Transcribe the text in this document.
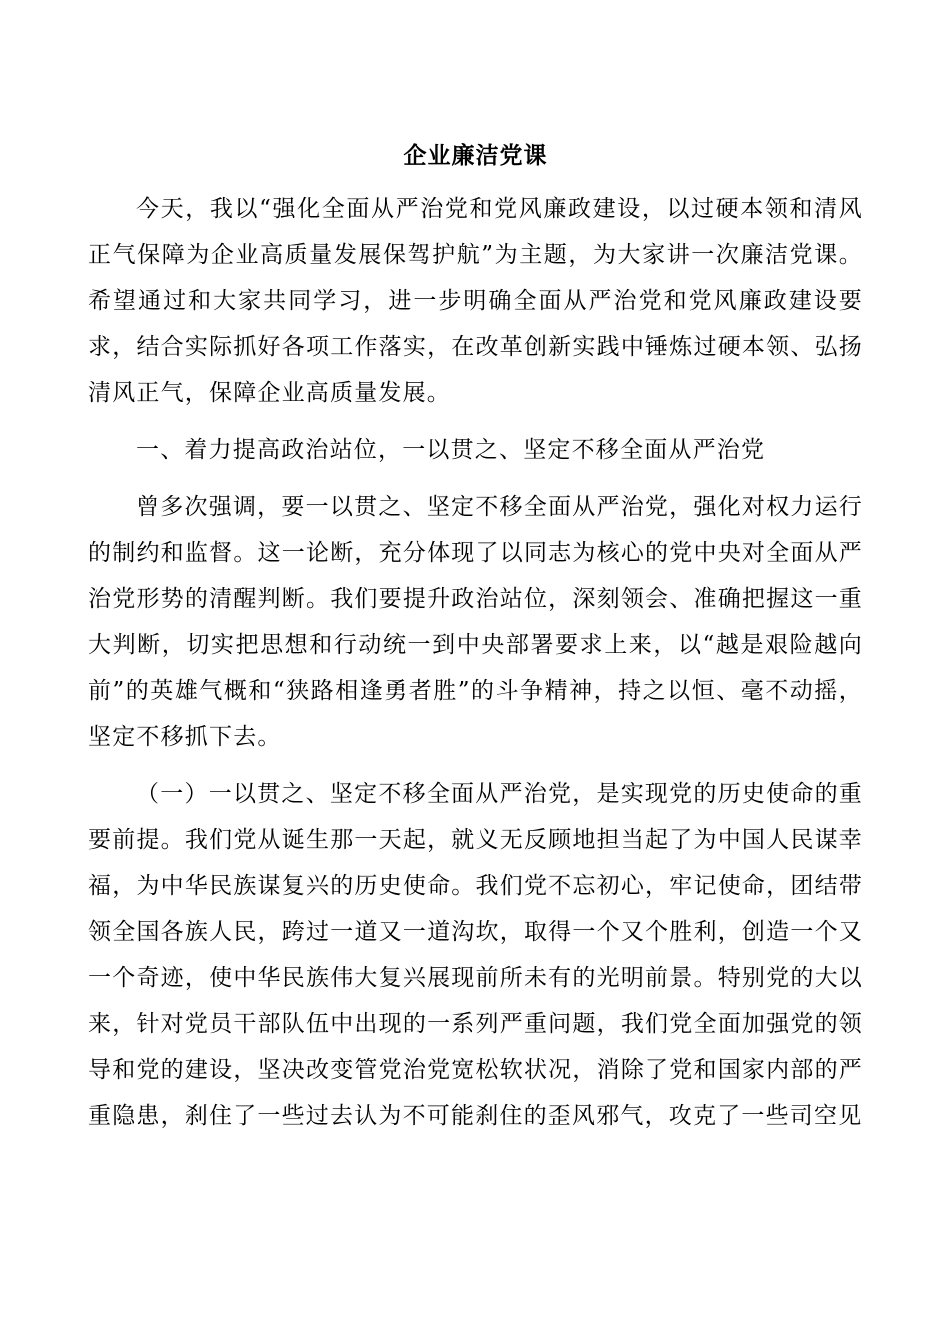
企业廉洁党课

今天，我以“强化全面从严治党和党风廉政建设，以过硬本领和清风正气保障为企业高质量发展保驾护航”为主题，为大家讲一次廉洁党课。希望通过和大家共同学习，进一步明确全面从严治党和党风廉政建设要求，结合实际抓好各项工作落实，在改革创新实践中锤炼过硬本领、弘扬清风正气，保障企业高质量发展。

一、着力提高政治站位，一以贯之、坚定不移全面从严治党

曾多次强调，要一以贯之、坚定不移全面从严治党，强化对权力运行的制约和监督。这一论断，充分体现了以同志为核心的党中央对全面从严治党形势的清醒判断。我们要提升政治站位，深刻领会、准确把握这一重大判断，切实把思想和行动统一到中央部署要求上来，以“越是艰险越向前”的英雄气概和“狭路相逢勇者胜”的斗争精神，持之以恒、毫不动摇，坚定不移抓下去。

（一）一以贯之、坚定不移全面从严治党，是实现党的历史使命的重要前提。我们党从诞生那一天起，就义无反顾地担当起了为中国人民谋幸福，为中华民族谋复兴的历史使命。我们党不忘初心，牢记使命，团结带领全国各族人民，跨过一道又一道沟坎，取得一个又个胜利，创造一个又一个奇迹，使中华民族伟大复兴展现前所未有的光明前景。特别党的大以来，针对党员干部队伍中出现的一系列严重问题，我们党全面加强党的领导和党的建设，坚决改变管党治党宽松软状况，消除了党和国家内部的严重隐患，刹住了一些过去认为不可能刹住的歪风邪气，攻克了一些司空见
